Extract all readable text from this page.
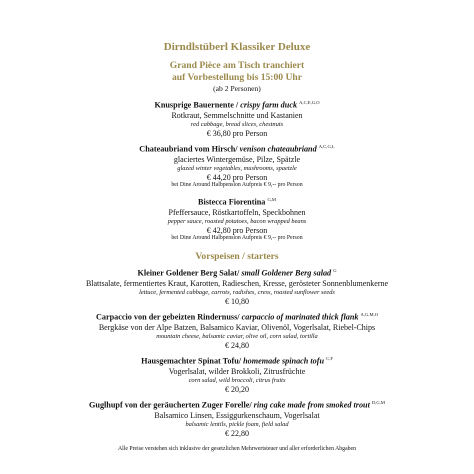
Dirndlstüberl Klassiker Deluxe
Grand Pièce am Tisch tranchiert
auf Vorbestellung bis 15:00 Uhr
(ab 2 Personen)
Knusprige Bauernente / crispy farm duck $^{A,C,E,G,O}$
Rotkraut, Semmelschnitte und Kastanien
red cabbage, bread slices, chestnuts
€ 36,80 pro Person
Chateaubriand vom Hirsch/ venison chateaubriand $^{A,C,G,L}$
glaciertes Wintergemüse, Pilze, Spätzle
glazed winter vegetables, mushrooms, spaetzle
€ 44,20 pro Person
bei Dine Around Halbpension Aufpreis € 9,-- pro Person
Bistecca Fiorentina $^{G,M}$
Pfeffersauce, Röstkartoffeln, Speckbohnen
pepper sauce, roasted potatoes, bacon wrapped beans
€ 42,80 pro Person
bei Dine Around Halbpension Aufpreis € 9,-- pro Person
Vorspeisen / starters
Kleiner Goldener Berg Salat/ small Goldener Berg salad $^G$
Blattsalate, fermentiertes Kraut, Karotten, Radieschen, Kresse, gerösteter Sonnenblumenkerne
lettuce, fermented cabbage, carrots, radishes, cress, roasted sunflower seeds
€ 10,80
Carpaccio von der gebeizten Rindernuss/ carpaccio of marinated thick flank $^{A,G,M,O}$
Bergkäse von der Alpe Batzen, Balsamico Kaviar, Olivenöl, Vogerlsalat, Riebel-Chips
mountain cheese, balsamic caviar, olive oil, corn salad, tortilla
€ 24,80
Hausgemachter Spinat Tofu/ homemade spinach tofu $^{C,F}$
Vogerlsalat, wilder Brokkoli, Zitrusfrüchte
corn salad, wild broccoli, citrus fruits
€ 20,20
Guglhupf von der geräucherten Zuger Forelle/ ring cake made from smoked trout $^{D,G,M}$
Balsamico Linsen, Essiggurkenschaum, Vogerlsalat
balsamic lentils, pickle foam, field salad
€ 22,80
Alle Preise verstehen sich inklusive der gesetzlichen Mehrwertsteuer und aller erforderlichen Abgaben
